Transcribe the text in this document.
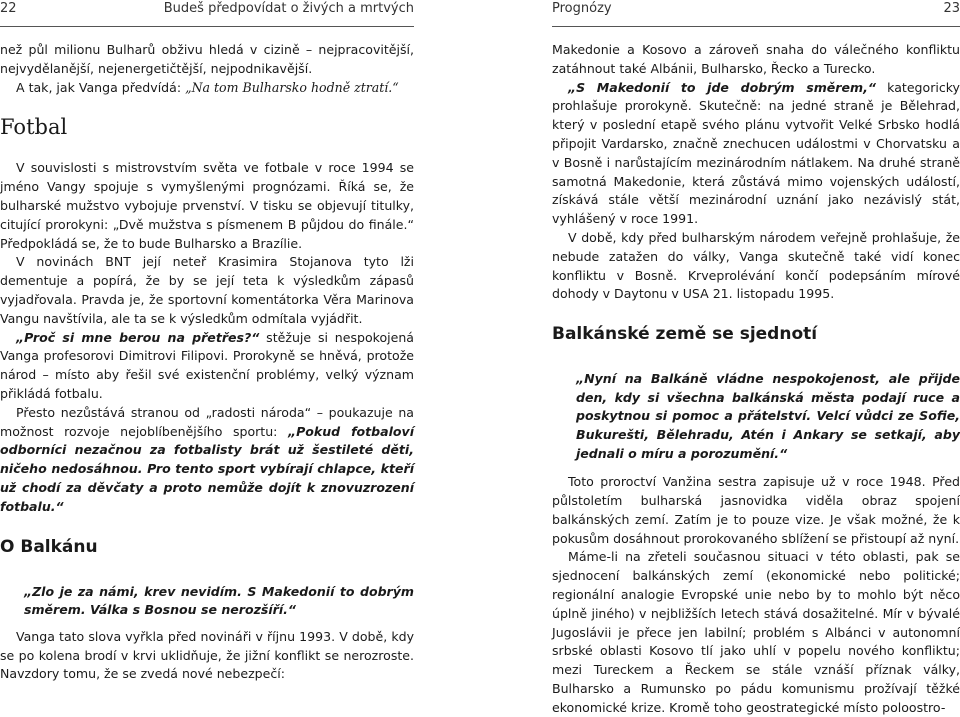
22	Budeš předpovídat o živých a mrtvých

než půl milionu Bulharů obživu hledá v cizině – nejpracovitější, nejvydělanější, nejenergetičtější, nejpodnikavější.

A tak, jak Vanga předvídá: „Na tom Bulharsko hodně ztratí.“

Fotbal

V souvislosti s mistrovstvím světa ve fotbale v roce 1994 se jméno Vangy spojuje s vymyšlenými prognózami. Říká se, že bulharské mužstvo vybojuje prvenství. V tisku se objevují titulky, citující prorokyni: „Dvě mužstva s písmenem B půjdou do finále.“ Předpokládá se, že to bude Bulharsko a Brazílie.

V novinách BNT její neteř Krasimira Stojanova tyto lži dementuje a popírá, že by se její teta k výsledkům zápasů vyjadřovala. Pravda je, že sportovní komentátorka Věra Marinova Vangu navštívila, ale ta se k výsledkům odmítala vyjádřit.

„Proč si mne berou na přetřes?“ stěžuje si nespokojená Vanga profesorovi Dimitrovi Filipovi. Prorokyně se hněvá, protože národ – místo aby řešil své existenční problémy, velký význam přikládá fotbalu.

Přesto nezůstává stranou od „radosti národa“ – poukazuje na možnost rozvoje nejoblíbenějšího sportu: „Pokud fotbaloví odborníci nezačnou za fotbalisty brát už šestileté děti, ničeho nedosáhnou. Pro tento sport vybírají chlapce, kteří už chodí za děvčaty a proto nemůže dojít k znovuzrození fotbalu.“

O Balkánu

„Zlo je za námi, krev nevidím. S Makedonií to dobrým směrem. Válka s Bosnou se nerozšíří.“

Vanga tato slova vyřkla před novináři v říjnu 1993. V době, kdy se po kolena brodí v krvi uklidňuje, že jižní konflikt se nerozroste. Navzdory tomu, že se zvedá nové nebezpečí:

Prognózy	23

Makedonie a Kosovo a zároveň snaha do válečného konfliktu zatáhnout také Albánii, Bulharsko, Řecko a Turecko.

„S Makedonií to jde dobrým směrem,“ kategoricky prohlašuje prorokyně. Skutečně: na jedné straně je Bělehrad, který v poslední etapě svého plánu vytvořit Velké Srbsko hodlá připojit Vardarsko, značně znechucen událostmi v Chorvatsku a v Bosně i narůstajícím mezinárodním nátlakem. Na druhé straně samotná Makedonie, která zůstává mimo vojenských událostí, získává stále větší mezinárodní uznání jako nezávislý stát, vyhlášený v roce 1991.

V době, kdy před bulharským národem veřejně prohlašuje, že nebude zatažen do války, Vanga skutečně také vidí konec konfliktu v Bosně. Krveprolévání končí podepsáním mírové dohody v Daytonu v USA 21. listopadu 1995.

Balkánské země se sjednotí

„Nyní na Balkáně vládne nespokojenost, ale přijde den, kdy si všechna balkánská města podají ruce a poskytnou si pomoc a přátelství. Velcí vůdci ze Sofie, Bukurešti, Bělehradu, Atén i Ankary se setkají, aby jednali o míru a porozumění.“

Toto proroctví Vanžina sestra zapisuje už v roce 1948. Před půlstoletím bulharská jasnovidka viděla obraz spojení balkánských zemí. Zatím je to pouze vize. Je však možné, že k pokusům dosáhnout prorokovaného sblížení se přistoupí až nyní.

Máme-li na zřeteli současnou situaci v této oblasti, pak se sjednocení balkánských zemí (ekonomické nebo politické; regionální analogie Evropské unie nebo by to mohlo být něco úplně jiného) v nejbližších letech stává dosažitelné. Mír v bývalé Jugoslávii je přece jen labilní; problém s Albánci v autonomní srbské oblasti Kosovo tlí jako uhlí v popelu nového konfliktu; mezi Tureckem a Řeckem se stále vznáší příznak války, Bulharsko a Rumunsko po pádu komunismu prožívají těžké ekonomické krize. Kromě toho geostrategické místo poloostro-
